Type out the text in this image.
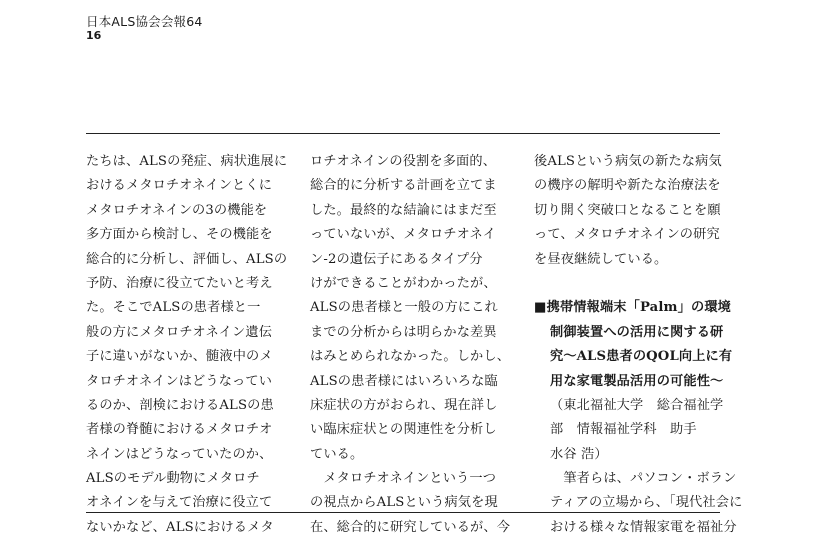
日本ALS協会会報64
16
たちは、ALSの発症、病状進展に
おけるメタロチオネインとくに
メタロチオネインの3の機能を
多方面から検討し、その機能を
総合的に分析し、評価し、ALSの
予防、治療に役立てたいと考え
た。そこでALSの患者様と一
般の方にメタロチオネイン遺伝
子に違いがないか、髄液中のメ
タロチオネインはどうなってい
るのか、剖検におけるALSの患
者様の脊髄におけるメタロチオ
ネインはどうなっていたのか、
ALSのモデル動物にメタロチ
オネインを与えて治療に役立て
ないかなど、ALSにおけるメタ
ロチオネインの役割を多面的、
総合的に分析する計画を立てま
した。最終的な結論にはまだ至
っていないが、メタロチオネイ
ン-2の遺伝子にあるタイプ分
けができることがわかったが、
ALSの患者様と一般の方にこれ
までの分析からは明らかな差異
はみとめられなかった。しかし、
ALSの患者様にはいろいろな臨
床症状の方がおられ、現在詳し
い臨床症状との関連性を分析し
ている。
　メタロチオネインという一つ
の視点からALSという病気を現
在、総合的に研究しているが、今
後ALSという病気の新たな病気
の機序の解明や新たな治療法を
切り開く突破口となることを願
って、メタロチオネインの研究
を昼夜継続している。
■携帯情報端末「Palm」の環境
制御装置への活用に関する研
究〜ALS患者のQOL向上に有
用な家電製品活用の可能性〜
（東北福祉大学　総合福祉学
部　情報福祉学科　助手
水谷 浩）
　筆者らは、パソコン・ボラン
ティアの立場から、「現代社会に
おける様々な情報家電を福祉分
